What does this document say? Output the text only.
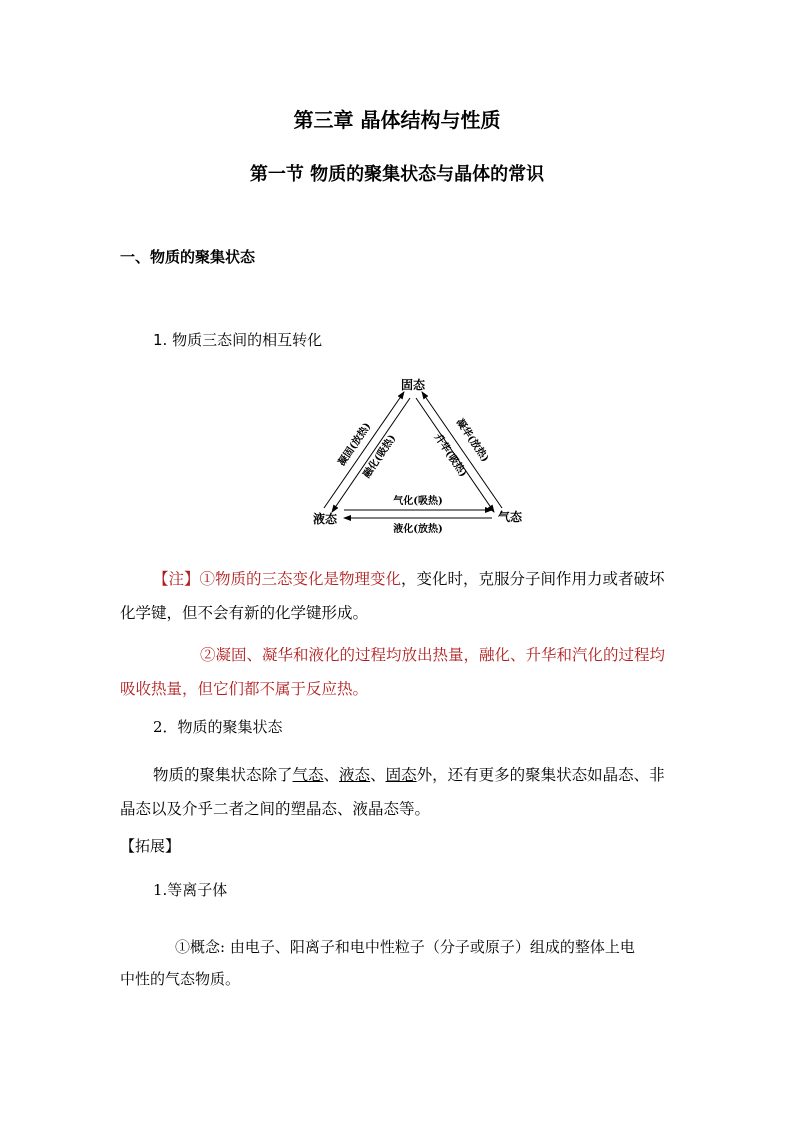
第三章 晶体结构与性质
第一节 物质的聚集状态与晶体的常识
一、物质的聚集状态
1. 物质三态间的相互转化
固态
液态	气态
凝固(放热)
融化(吸热)	凝华(放热)
升华(吸热)
气化(吸热)
液化(放热)
【注】①物质的三态变化是物理变化，变化时，克服分子间作用力或者破坏
化学键，但不会有新的化学键形成。
②凝固、凝华和液化的过程均放出热量，融化、升华和汽化的过程均
吸收热量，但它们都不属于反应热。
2．物质的聚集状态
物质的聚集状态除了气态、液态、固态外，还有更多的聚集状态如晶态、非
晶态以及介乎二者之间的塑晶态、液晶态等。
【拓展】
1.等离子体
①概念: 由电子、阳离子和电中性粒子（分子或原子）组成的整体上电
中性的气态物质。
